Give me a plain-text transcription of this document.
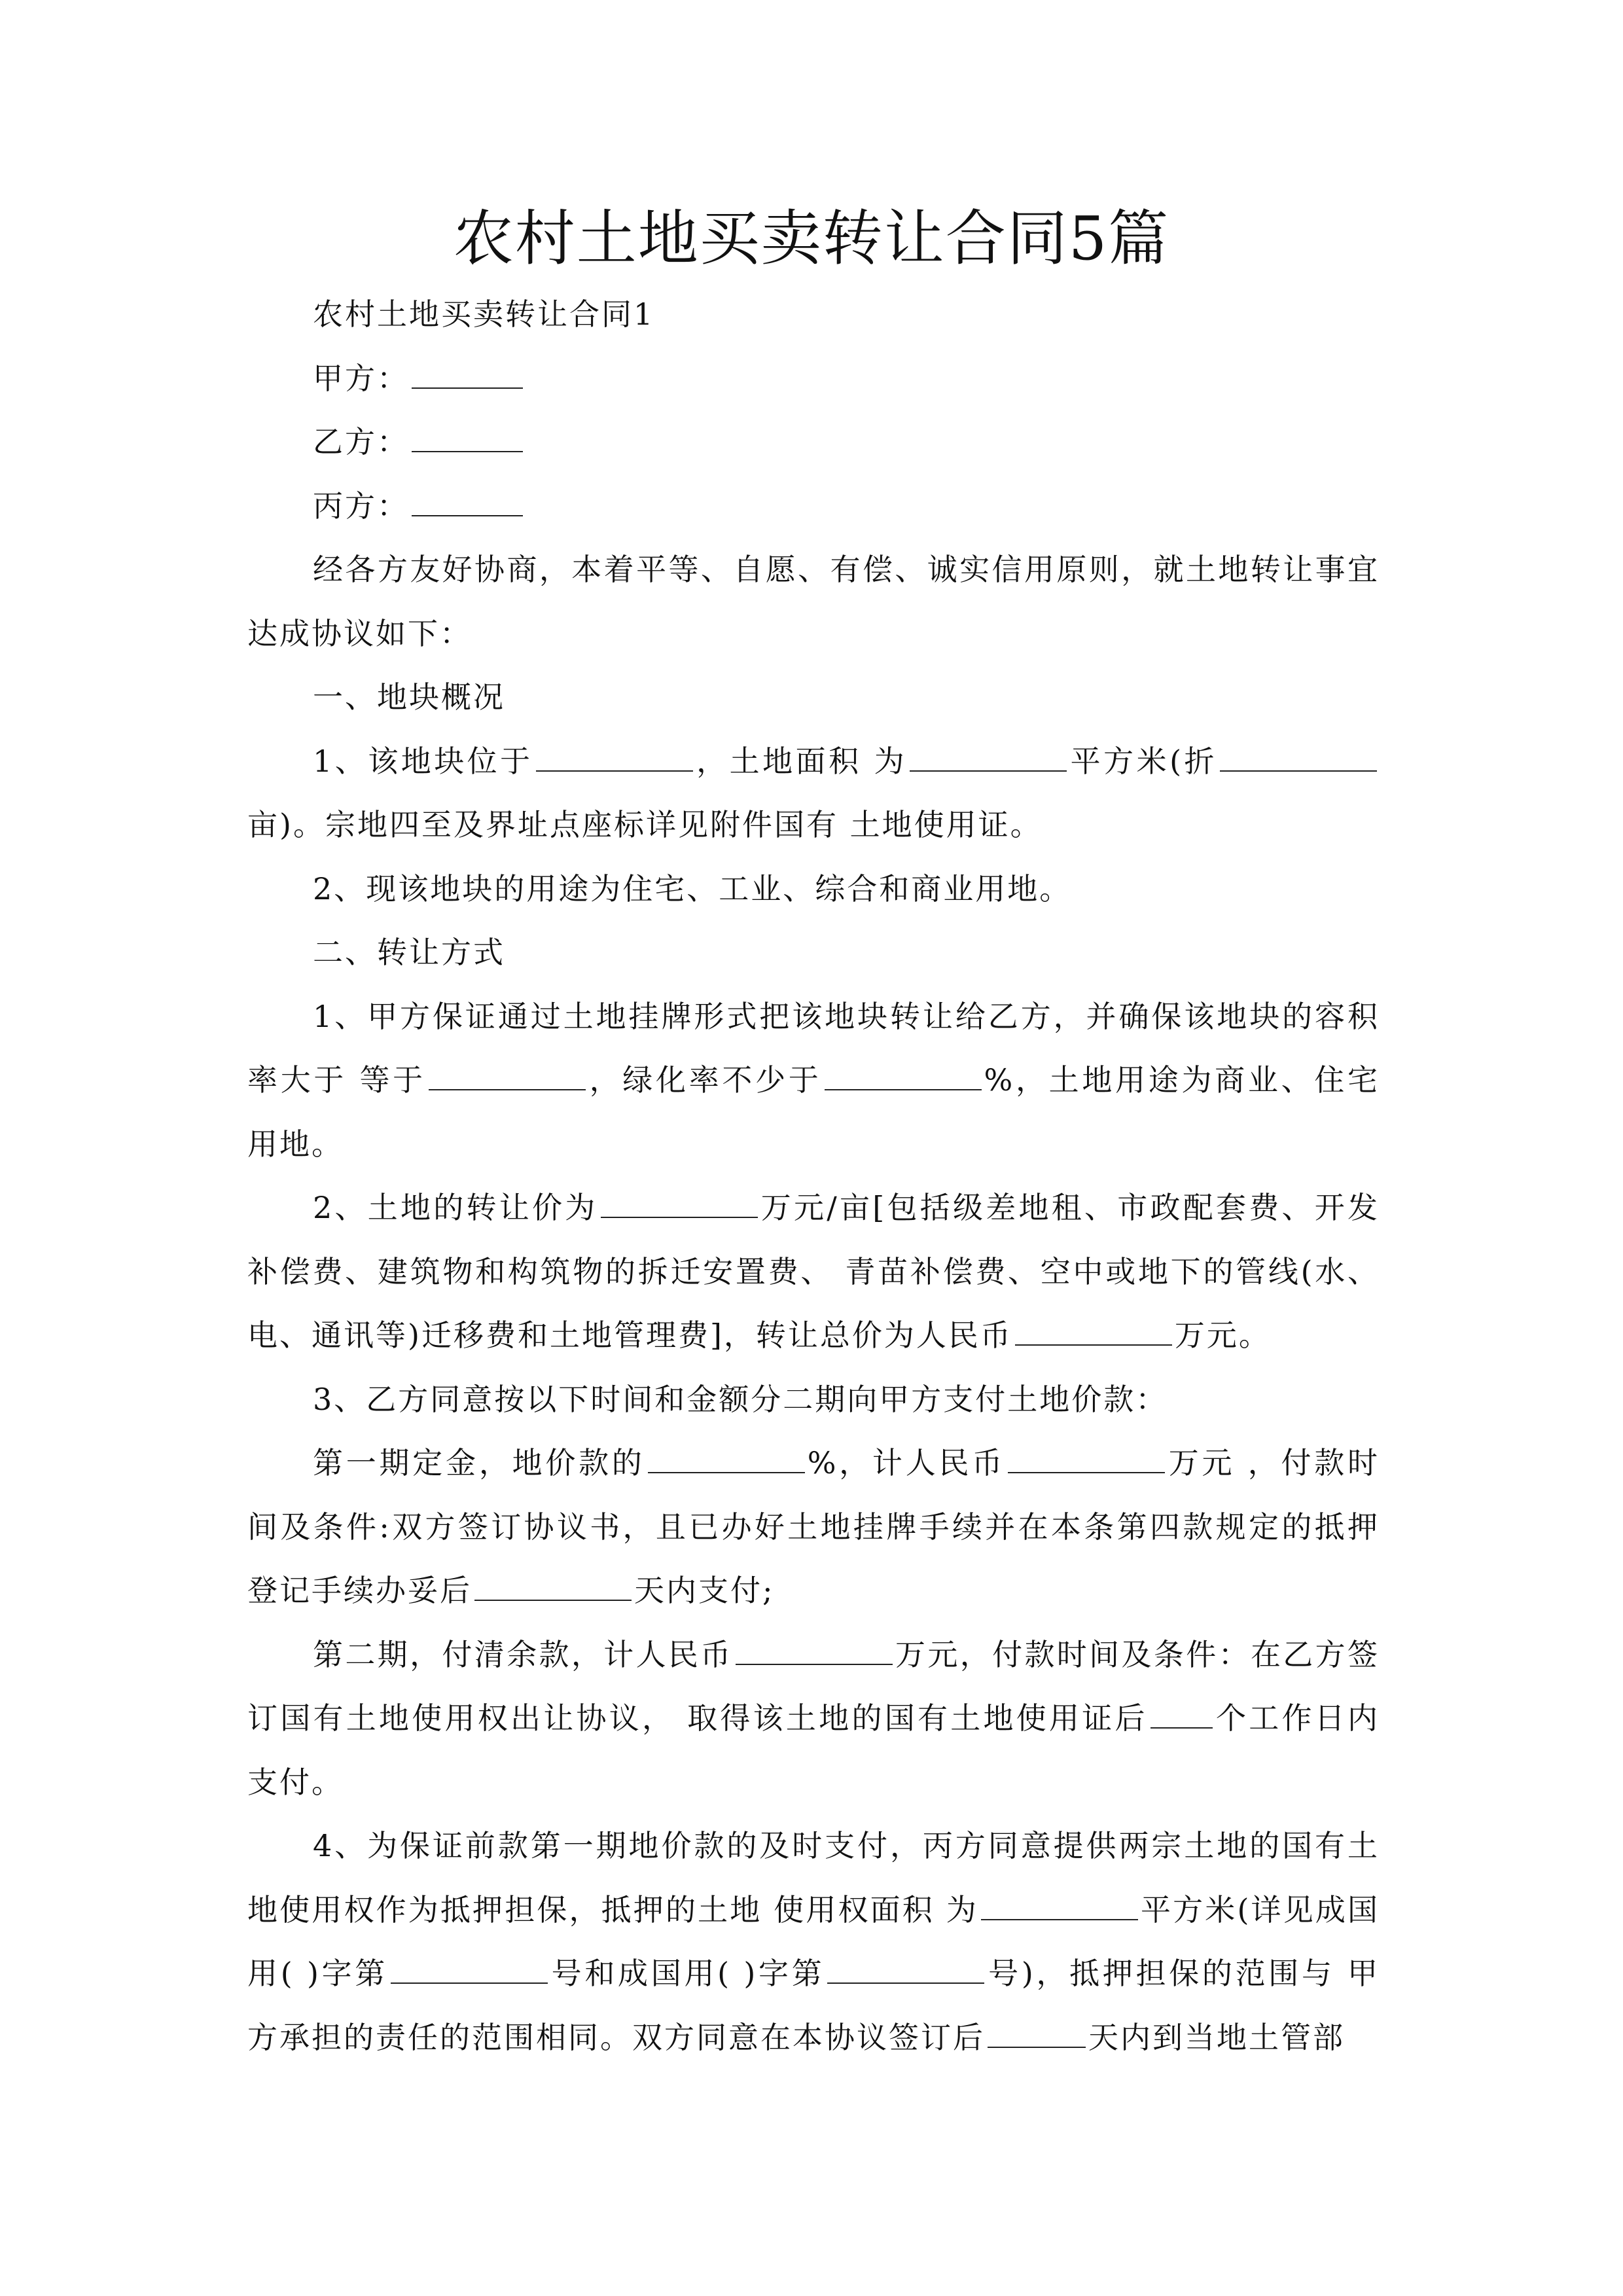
农村土地买卖转让合同5篇

农村土地买卖转让合同1

甲方：

乙方：

丙方：

经各方友好协商，本着平等、自愿、有偿、诚实信用原则，就土地转让事宜达成协议如下：

一、地块概况

1、该地块位于	，土地面积 为	平方米(折亩)。宗地四至及界址点座标详见附件国有 土地使用证。

2、现该地块的用途为住宅、工业、综合和商业用地。

二、转让方式

1、甲方保证通过土地挂牌形式把该地块转让给乙方，并确保该地块的容积率大于 等于	，绿化率不少于	%，土地用途为商业、住宅用地。

2、土地的转让价为	万元/亩[包括级差地租、市政配套费、开发补偿费、建筑物和构筑物的拆迁安置费、 青苗补偿费、空中或地下的管线(水、电、通讯等)迁移费和土地管理费]，转让总价为人民币	万元。

3、乙方同意按以下时间和金额分二期向甲方支付土地价款：

第一期定金，地价款的	%，计人民币	万元 ，付款时间及条件:双方签订协议书，且已办好土地挂牌手续并在本条第四款规定的抵押登记手续办妥后	天内支付;

第二期，付清余款，计人民币	万元，付款时间及条件：在乙方签订国有土地使用权出让协议， 取得该土地的国有土地使用证后 个工作日内支付。

4、为保证前款第一期地价款的及时支付，丙方同意提供两宗土地的国有土地使用权作为抵押担保，抵押的土地 使用权面积 为	平方米(详见成国用( )字第	号和成国用( )字第	号)，抵押担保的范围与 甲方承担的责任的范围相同。双方同意在本协议签订后	天内到当地土管部
